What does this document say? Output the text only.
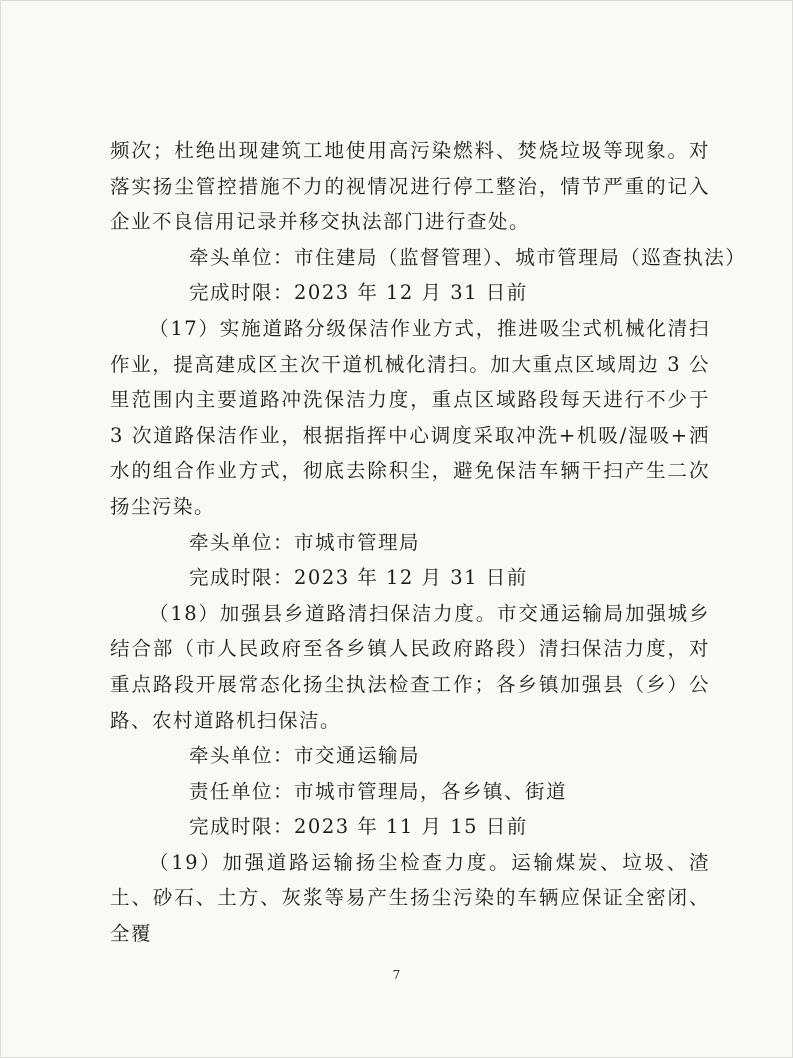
频次；杜绝出现建筑工地使用高污染燃料、焚烧垃圾等现象。对落实扬尘管控措施不力的视情况进行停工整治，情节严重的记入企业不良信用记录并移交执法部门进行查处。

牵头单位：市住建局（监督管理）、城市管理局（巡查执法）

完成时限：2023 年 12 月 31 日前

（17）实施道路分级保洁作业方式，推进吸尘式机械化清扫作业，提高建成区主次干道机械化清扫。加大重点区域周边 3 公里范围内主要道路冲洗保洁力度，重点区域路段每天进行不少于 3 次道路保洁作业，根据指挥中心调度采取冲洗+机吸/湿吸+洒水的组合作业方式，彻底去除积尘，避免保洁车辆干扫产生二次扬尘污染。

牵头单位：市城市管理局

完成时限：2023 年 12 月 31 日前

（18）加强县乡道路清扫保洁力度。市交通运输局加强城乡结合部（市人民政府至各乡镇人民政府路段）清扫保洁力度，对重点路段开展常态化扬尘执法检查工作；各乡镇加强县（乡）公路、农村道路机扫保洁。

牵头单位：市交通运输局

责任单位：市城市管理局，各乡镇、街道

完成时限：2023 年 11 月 15 日前

（19）加强道路运输扬尘检查力度。运输煤炭、垃圾、渣土、砂石、土方、灰浆等易产生扬尘污染的车辆应保证全密闭、全覆

7
